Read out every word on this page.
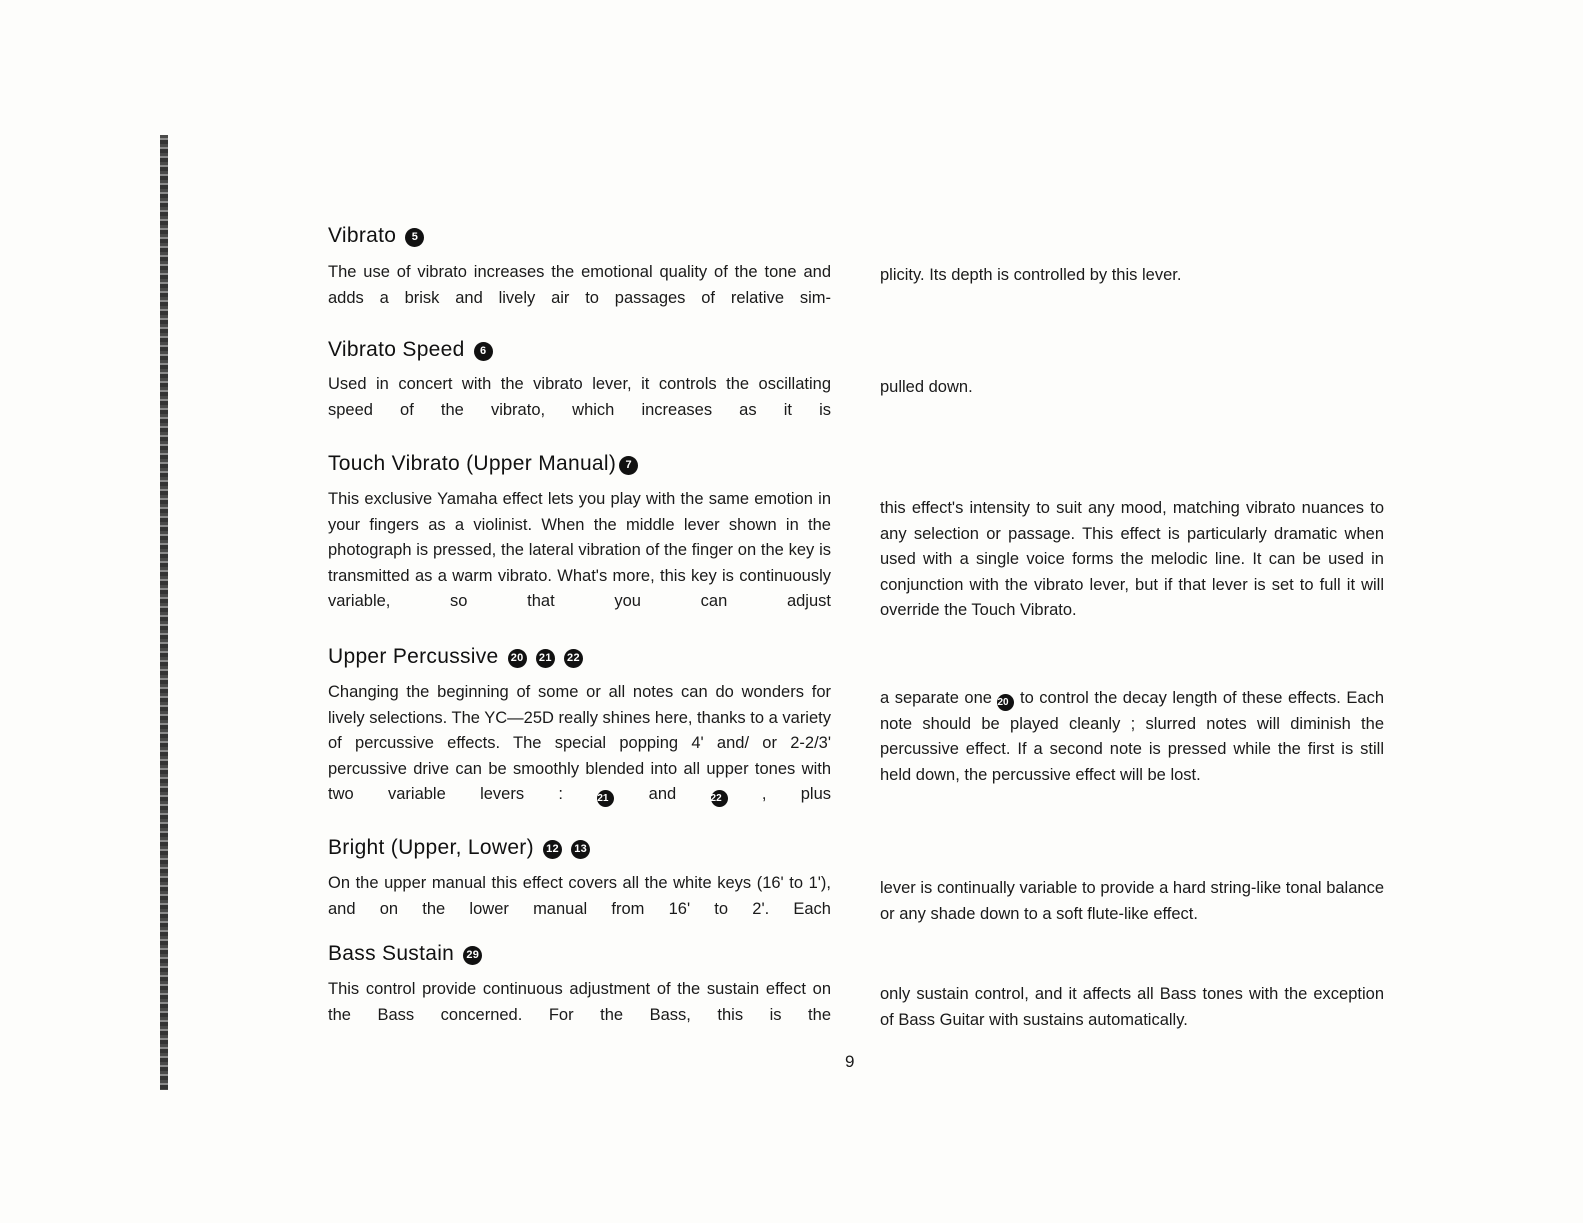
Vibrato 5

The use of vibrato increases the emotional quality of the tone and adds a brisk and lively air to passages of relative sim-

plicity. Its depth is controlled by this lever.

Vibrato Speed 6

Used in concert with the vibrato lever, it controls the oscillating speed of the vibrato, which increases as it is

pulled down.

Touch Vibrato (Upper Manual) 7

This exclusive Yamaha effect lets you play with the same emotion in your fingers as a violinist. When the middle lever shown in the photograph is pressed, the lateral vibration of the finger on the key is transmitted as a warm vibrato. What's more, this key is continuously variable, so that you can adjust

this effect's intensity to suit any mood, matching vibrato nuances to any selection or passage. This effect is particularly dramatic when used with a single voice forms the melodic line. It can be used in conjunction with the vibrato lever, but if that lever is set to full it will override the Touch Vibrato.

Upper Percussive 20 21 22

Changing the beginning of some or all notes can do wonders for lively selections. The YC—25D really shines here, thanks to a variety of percussive effects. The special popping 4' and/ or 2-2/3' percussive drive can be smoothly blended into all upper tones with two variable levers :	21 and	22 , plus

a separate one 20 to control the decay length of these effects. Each note should be played cleanly ; slurred notes will diminish the percussive effect. If a second note is pressed while the first is still held down, the percussive effect will be lost.

Bright (Upper, Lower) 12 13

On the upper manual this effect covers all the white keys (16' to 1'), and on the lower manual from 16' to 2'. Each

lever is continually variable to provide a hard string-like tonal balance or any shade down to a soft flute-like effect.

Bass Sustain 29

This control provide continuous adjustment of the sustain effect on the Bass concerned. For the Bass, this is the

only sustain control, and it affects all Bass tones with the exception of Bass Guitar with sustains automatically.

9
